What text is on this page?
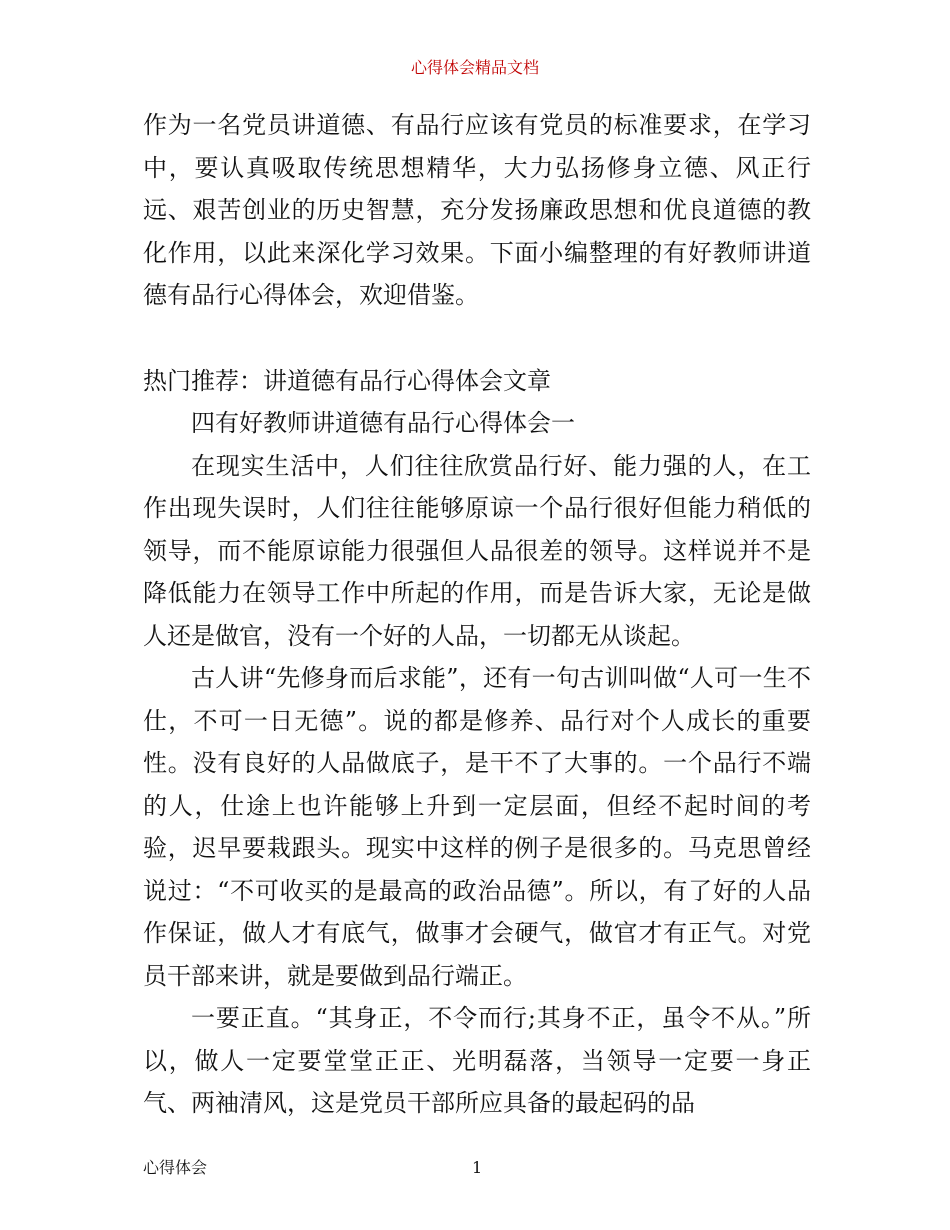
心得体会精品文档

作为一名党员讲道德、有品行应该有党员的标准要求，在学习中，要认真吸取传统思想精华，大力弘扬修身立德、风正行远、艰苦创业的历史智慧，充分发扬廉政思想和优良道德的教化作用，以此来深化学习效果。下面小编整理的有好教师讲道德有品行心得体会，欢迎借鉴。

热门推荐：讲道德有品行心得体会文章

四有好教师讲道德有品行心得体会一

在现实生活中，人们往往欣赏品行好、能力强的人，在工作出现失误时，人们往往能够原谅一个品行很好但能力稍低的领导，而不能原谅能力很强但人品很差的领导。这样说并不是降低能力在领导工作中所起的作用，而是告诉大家，无论是做人还是做官，没有一个好的人品，一切都无从谈起。

古人讲“先修身而后求能”，还有一句古训叫做“人可一生不仕，不可一日无德”。说的都是修养、品行对个人成长的重要性。没有良好的人品做底子，是干不了大事的。一个品行不端的人，仕途上也许能够上升到一定层面，但经不起时间的考验，迟早要栽跟头。现实中这样的例子是很多的。马克思曾经说过：“不可收买的是最高的政治品德”。所以，有了好的人品作保证，做人才有底气，做事才会硬气，做官才有正气。对党员干部来讲，就是要做到品行端正。

一要正直。“其身正，不令而行;其身不正，虽令不从。”所以，做人一定要堂堂正正、光明磊落，当领导一定要一身正气、两袖清风，这是党员干部所应具备的最起码的品

心得体会	1
